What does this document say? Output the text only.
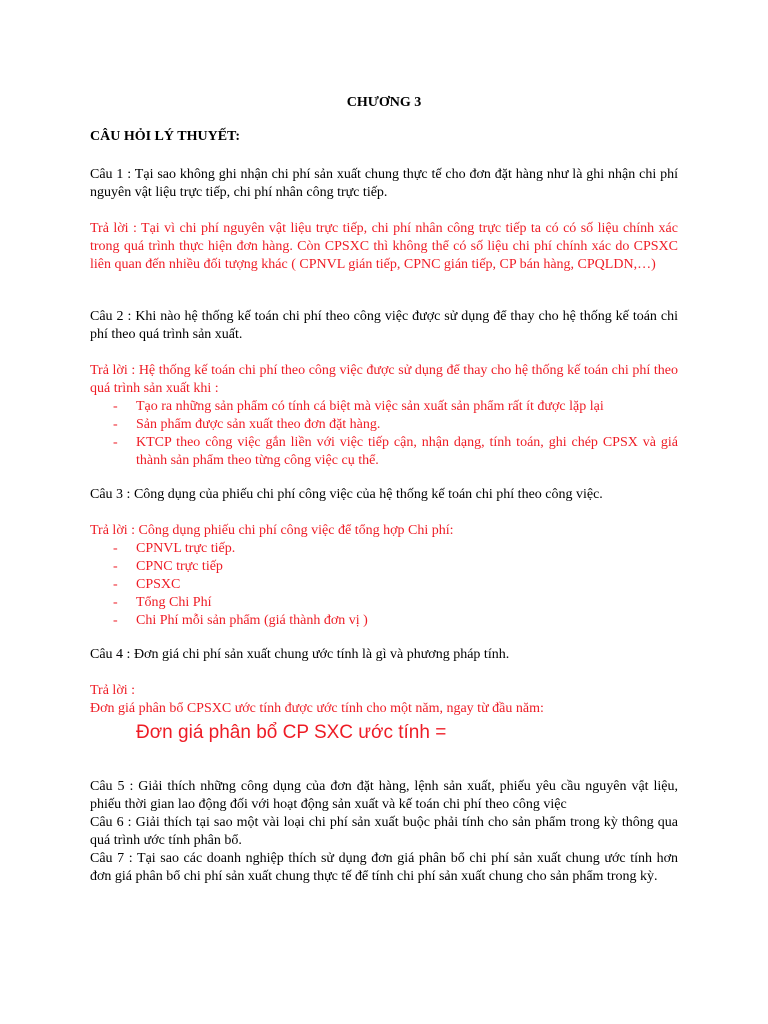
CHƯƠNG 3
CÂU HỎI LÝ THUYẾT:
Câu 1 : Tại sao không ghi nhận chi phí sản xuất chung thực tế cho đơn đặt hàng như là ghi nhận chi phí nguyên vật liệu trực tiếp, chi phí nhân công trực tiếp.

Trả lời : Tại vì chi phí nguyên vật liệu trực tiếp, chi phí nhân công trực tiếp ta có có số liệu chính xác trong quá trình thực hiện đơn hàng. Còn CPSXC thì không thể có số liệu chi phí chính xác do CPSXC liên quan đến nhiều đối tượng khác ( CPNVL gián tiếp, CPNC gián tiếp, CP bán hàng, CPQLDN,…)

Câu 2 : Khi nào hệ thống kế toán chi phí theo công việc được sử dụng để thay cho hệ thống kế toán chi phí theo quá trình sản xuất.

Trả lời : Hệ thống kế toán chi phí theo công việc được sử dụng để thay cho hệ thống kế toán chi phí theo quá trình sản xuất khi :

- Tạo ra những sản phẩm có tính cá biệt mà việc sản xuất sản phẩm rất ít được lặp lại
- Sản phẩm được sản xuất theo đơn đặt hàng.
- KTCP theo công việc gắn liền với việc tiếp cận, nhận dạng, tính toán, ghi chép CPSX và giá thành sản phẩm theo từng công việc cụ thể.
Câu 3 : Công dụng của phiếu chi phí công việc của hệ thống kế toán chi phí theo công việc.

Trả lời : Công dụng phiếu chi phí công việc để tổng hợp Chi phí:

- CPNVL trực tiếp.
- CPNC trực tiếp
- CPSXC
- Tổng Chi Phí
- Chi Phí mỗi sản phẩm (giá thành đơn vị )
Câu 4 : Đơn giá chi phí sản xuất chung ước tính là gì và phương pháp tính.

Trả lời :

Đơn giá phân bổ CPSXC ước tính được ước tính cho một năm, ngay từ đầu năm:

Đơn giá phân bổ CP SXC ước tính =

Câu 5 : Giải thích những công dụng của đơn đặt hàng, lệnh sản xuất, phiếu yêu cầu nguyên vật liệu, phiếu thời gian lao động đối với hoạt động sản xuất và kế toán chi phí theo công việc

Câu 6 : Giải thích tại sao một vài loại chi phí sản xuất buộc phải tính cho sản phẩm trong kỳ thông qua quá trình ước tính phân bổ.

Câu 7 : Tại sao các doanh nghiệp thích sử dụng đơn giá phân bổ chi phí sản xuất chung ước tính hơn đơn giá phân bổ chi phí sản xuất chung thực tế để tính chi phí sản xuất chung cho sản phẩm trong kỳ.
